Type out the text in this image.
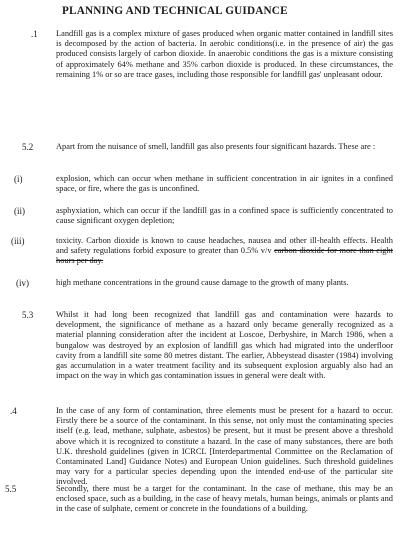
PLANNING AND TECHNICAL GUIDANCE
.1 Landfill gas is a complex mixture of gases produced when organic matter contained in landfill sites is decomposed by the action of bacteria. In aerobic conditions(i.e. in the presence of air) the gas produced consists largely of carbon dioxide. In anaerobic conditions the gas is a mixture consisting of approximately 64% methane and 35% carbon dioxide is produced. In these circumstances, the remaining 1% or so are trace gases, including those responsible for landfill gas' unpleasant odour.
5.2	Apart from the nuisance of smell, landfill gas also presents four significant hazards. These are :
(i)	explosion, which can occur when methane in sufficient concentration in air ignites in a confined space, or fire, where the gas is unconfined.
(ii)	asphyxiation, which can occur if the landfill gas in a confined space is sufficiently concentrated to cause significant oxygen depletion;
(iii)	toxicity. Carbon dioxide is known to cause headaches, nausea and other ill-health effects. Health and safety regulations forbid exposure to greater than 0.5% v/v carbon dioxide for more than eight hours per day.
(iv)	high methane concentrations in the ground cause damage to the growth of many plants.
5.3	Whilst it had long been recognized that landfill gas and contamination were hazards to development, the significance of methane as a hazard only became generally recognized as a material planning consideration after the incident at Loscoe, Derbyshire, in March 1986, when a bungalow was destroyed by an explosion of landfill gas which had migrated into the underfloor cavity from a landfill site some 80 metres distant. The earlier, Abbeystead disaster (1984) involving gas accumulation in a water treatment facility and its subsequent explosion arguably also had an impact on the way in which gas contamination issues in general were dealt with.
.4	In the case of any form of contamination, three elements must be present for a hazard to occur. Firstly there be a source of the contaminant. In this sense, not only must the contaminating species itself (e.g. lead, methane, sulphate, asbestos) be present, but it must be present above a threshold above which it is recognized to constitute a hazard. In the case of many substances, there are both U.K. threshold guidelines (given in ICRCL [Interdepartmental Committee on the Reclamation of Contaminated Land] Guidance Notes) and European Union guidelines. Such threshold guidelines may vary for a particular species depending upon the intended end-use of the particular site involved.
5.5	Secondly, there must be a target for the contaminant. In the case of methane, this may be an enclosed space, such as a building, in the case of heavy metals, human beings, animals or plants and in the case of sulphate, cement or concrete in the foundations of a building.
